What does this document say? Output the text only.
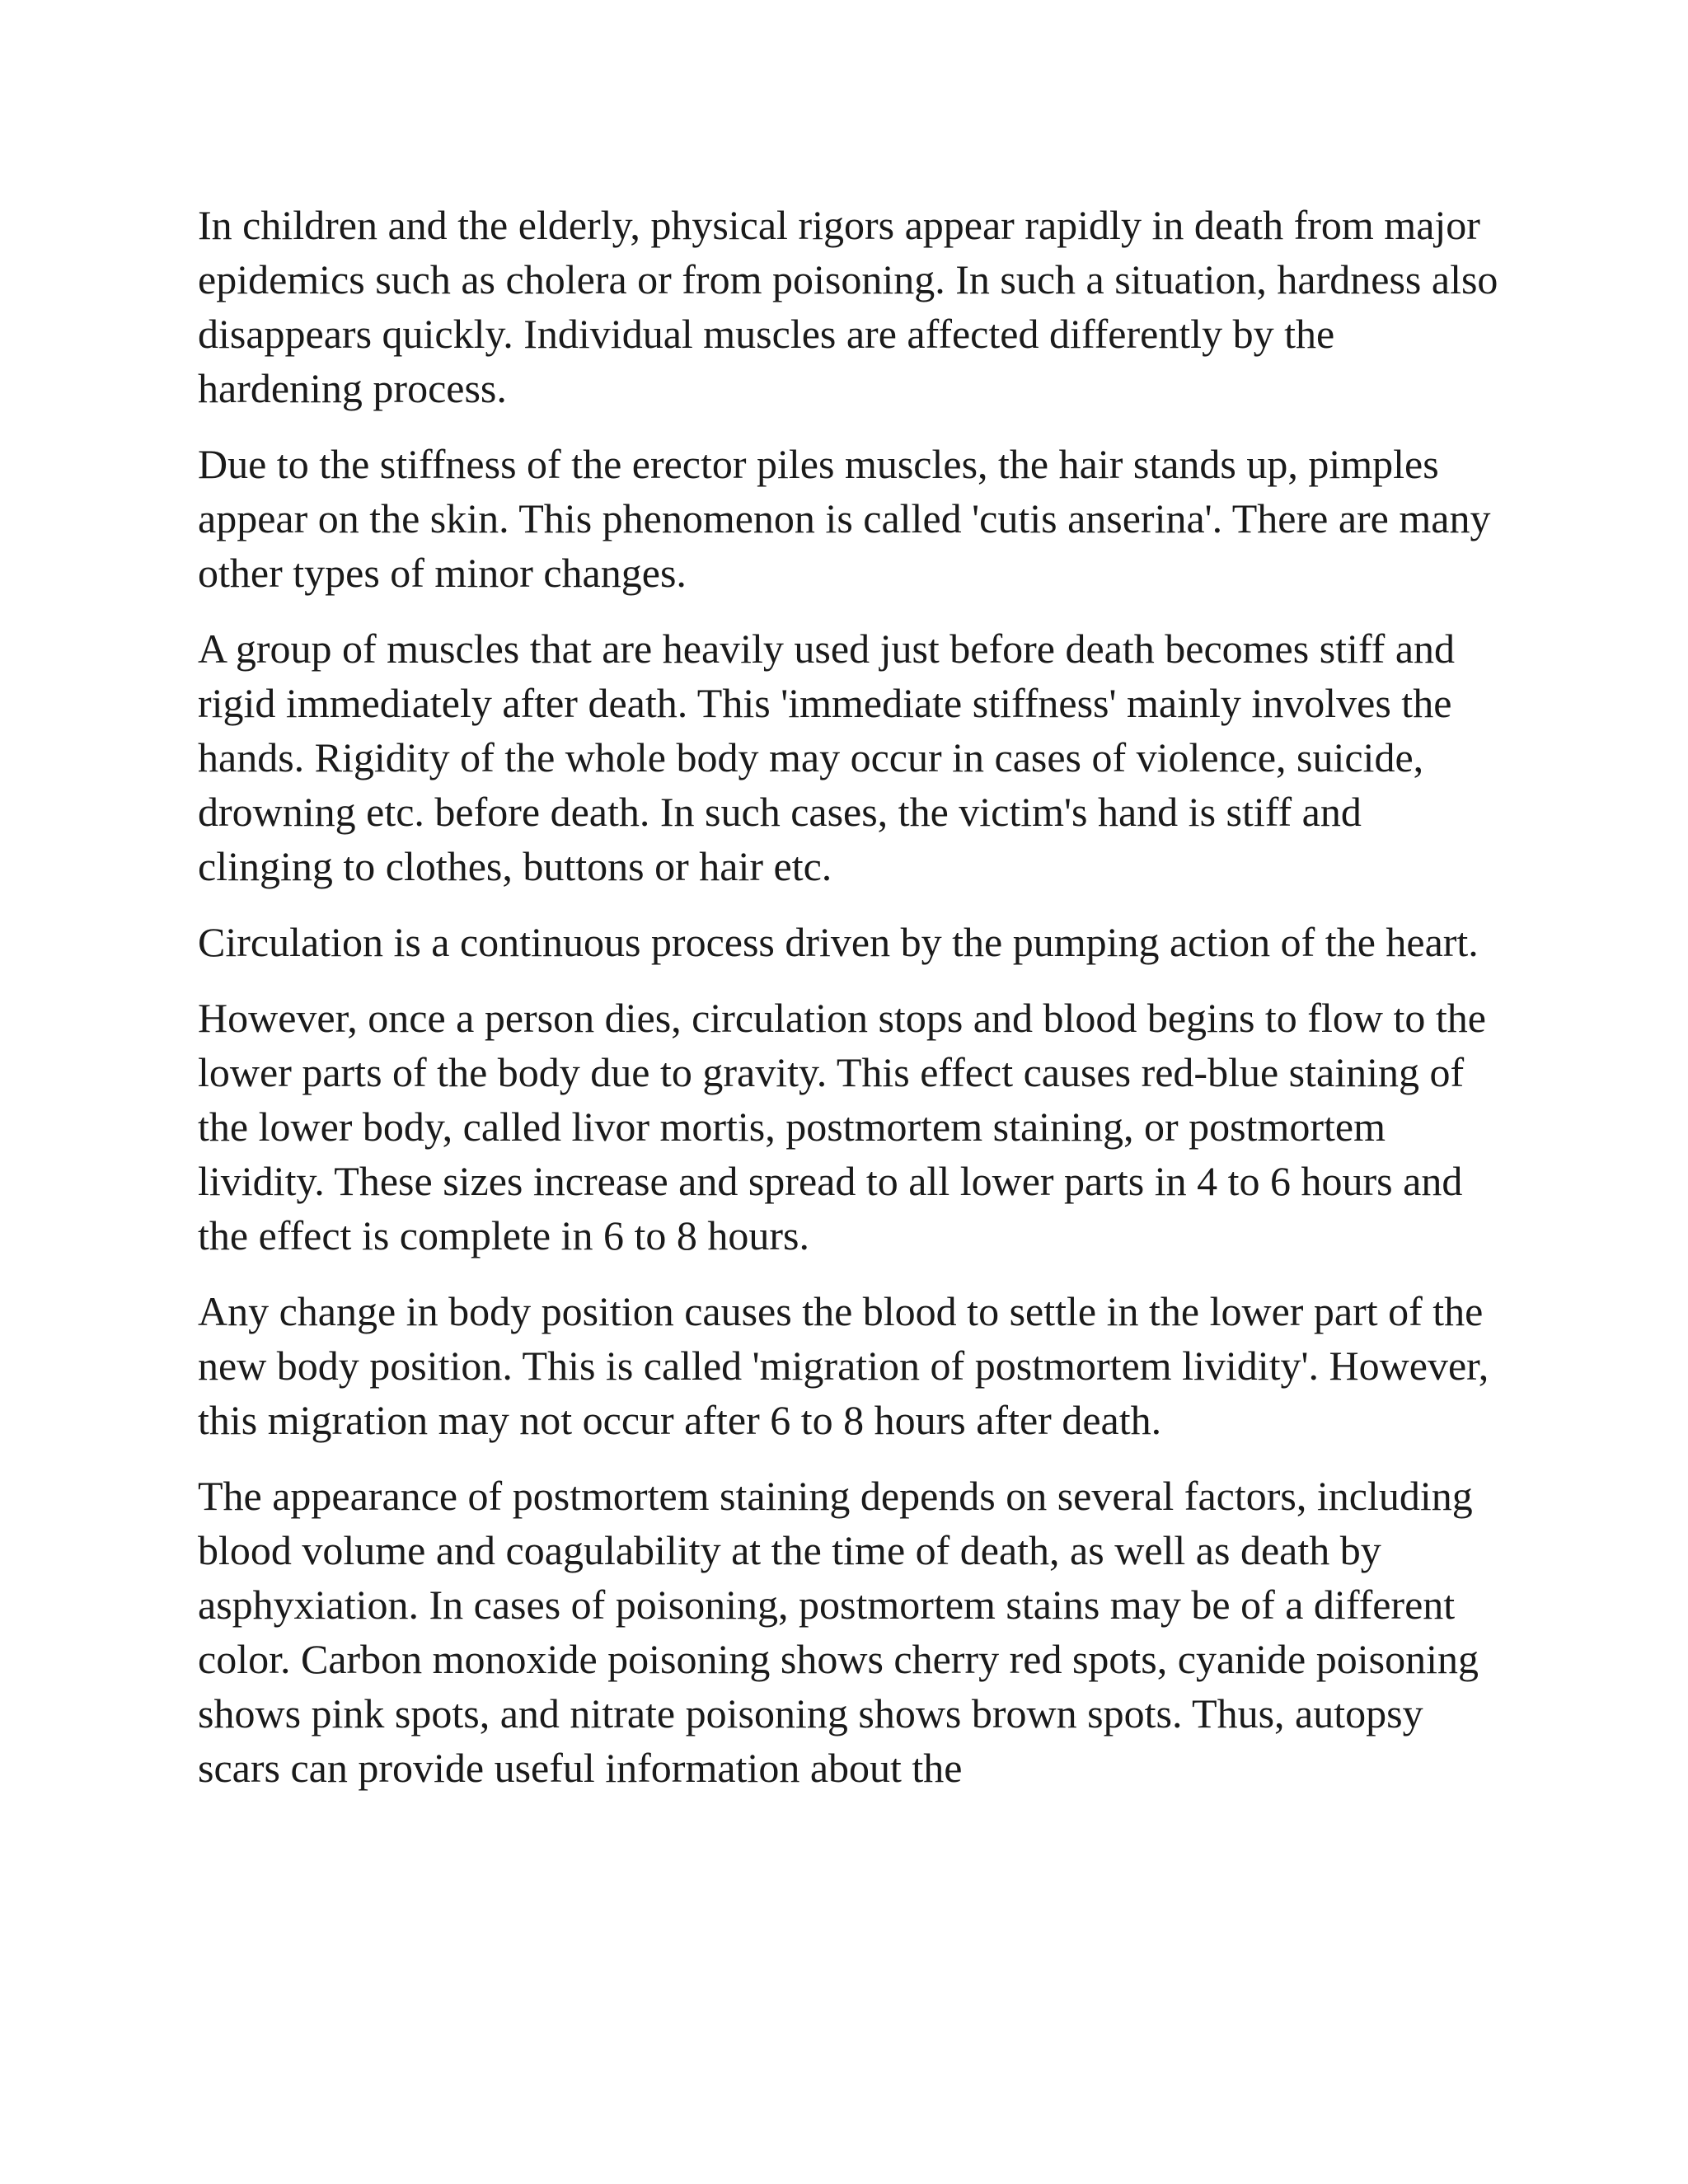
In children and the elderly, physical rigors appear rapidly in death from major epidemics such as cholera or from poisoning. In such a situation, hardness also disappears quickly. Individual muscles are affected differently by the hardening process.

Due to the stiffness of the erector piles muscles, the hair stands up, pimples appear on the skin. This phenomenon is called 'cutis anserina'. There are many other types of minor changes.

A group of muscles that are heavily used just before death becomes stiff and rigid immediately after death. This 'immediate stiffness' mainly involves the hands. Rigidity of the whole body may occur in cases of violence, suicide, drowning etc. before death. In such cases, the victim's hand is stiff and clinging to clothes, buttons or hair etc.

Circulation is a continuous process driven by the pumping action of the heart.

However, once a person dies, circulation stops and blood begins to flow to the lower parts of the body due to gravity. This effect causes red-blue staining of the lower body, called livor mortis, postmortem staining, or postmortem lividity. These sizes increase and spread to all lower parts in 4 to 6 hours and the effect is complete in 6 to 8 hours.

Any change in body position causes the blood to settle in the lower part of the new body position. This is called 'migration of postmortem lividity'. However, this migration may not occur after 6 to 8 hours after death.

The appearance of postmortem staining depends on several factors, including blood volume and coagulability at the time of death, as well as death by asphyxiation. In cases of poisoning, postmortem stains may be of a different color. Carbon monoxide poisoning shows cherry red spots, cyanide poisoning shows pink spots, and nitrate poisoning shows brown spots. Thus, autopsy scars can provide useful information about the
